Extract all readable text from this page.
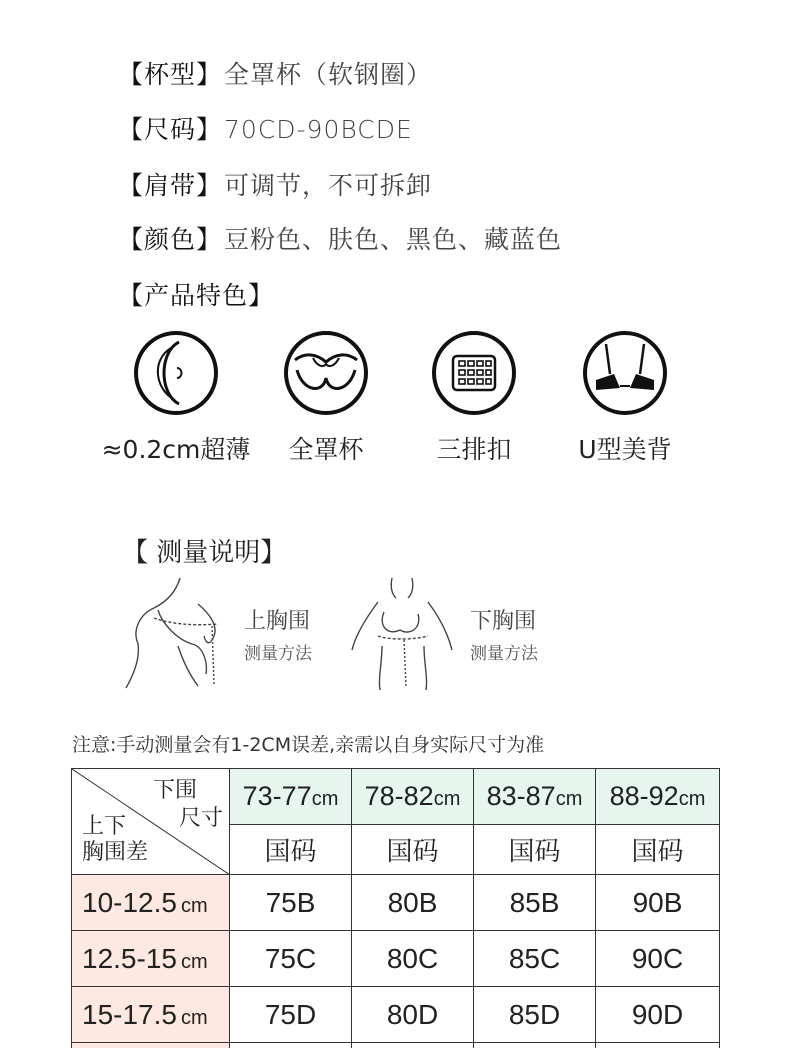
【杯型】全罩杯（软钢圈）
【尺码】70CD-90BCDE
【肩带】可调节，不可拆卸
【颜色】豆粉色、肤色、黑色、藏蓝色
【产品特色】
≈0.2cm超薄	全罩杯	三排扣	U型美背
【 测量说明】
上胸围
测量方法
下胸围
测量方法
注意:手动测量会有1-2CM误差,亲需以自身实际尺寸为准
下围
尺寸
上下
胸围差	73-77cm	78-82cm	83-87cm	88-92cm
	国码	国码	国码	国码
10-12.5 cm	75B	80B	85B	90B
12.5-15 cm	75C	80C	85C	90C
15-17.5 cm	75D	80D	85D	90D
